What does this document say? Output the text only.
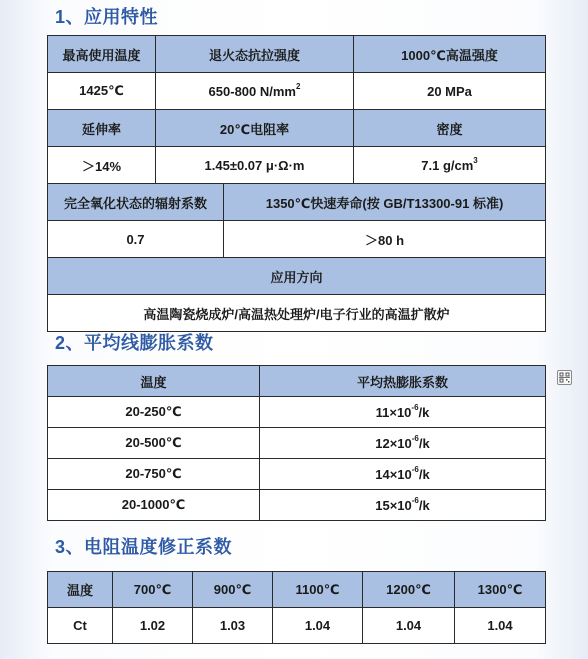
1、应用特性
最高使用温度	退火态抗拉强度		1000℃高温强度
1425℃	650-800 $N/mm^2$		20 MPa
延伸率	20℃电阻率		密度
＞14%	1.45±0.07 μ·Ω·m		7.1 $g/cm^3$
完全氧化状态的辐射系数		1350℃快速寿命(按 GB/T13300-91 标准)	
0.7		＞80 h	
应用方向			
高温陶瓷烧成炉/高温热处理炉/电子行业的高温扩散炉			
2、平均线膨胀系数
温度	平均热膨胀系数
20-250℃	$11\times 10^{-6}/k$
20-500℃	$12\times 10^{-6}/k$
20-750℃	$14\times 10^{-6}/k$
20-1000℃	$15\times 10^{-6}/k$
3、电阻温度修正系数
温度	700℃	900℃	1100℃	1200℃	1300℃
Ct	1.02	1.03	1.04	1.04	1.04
